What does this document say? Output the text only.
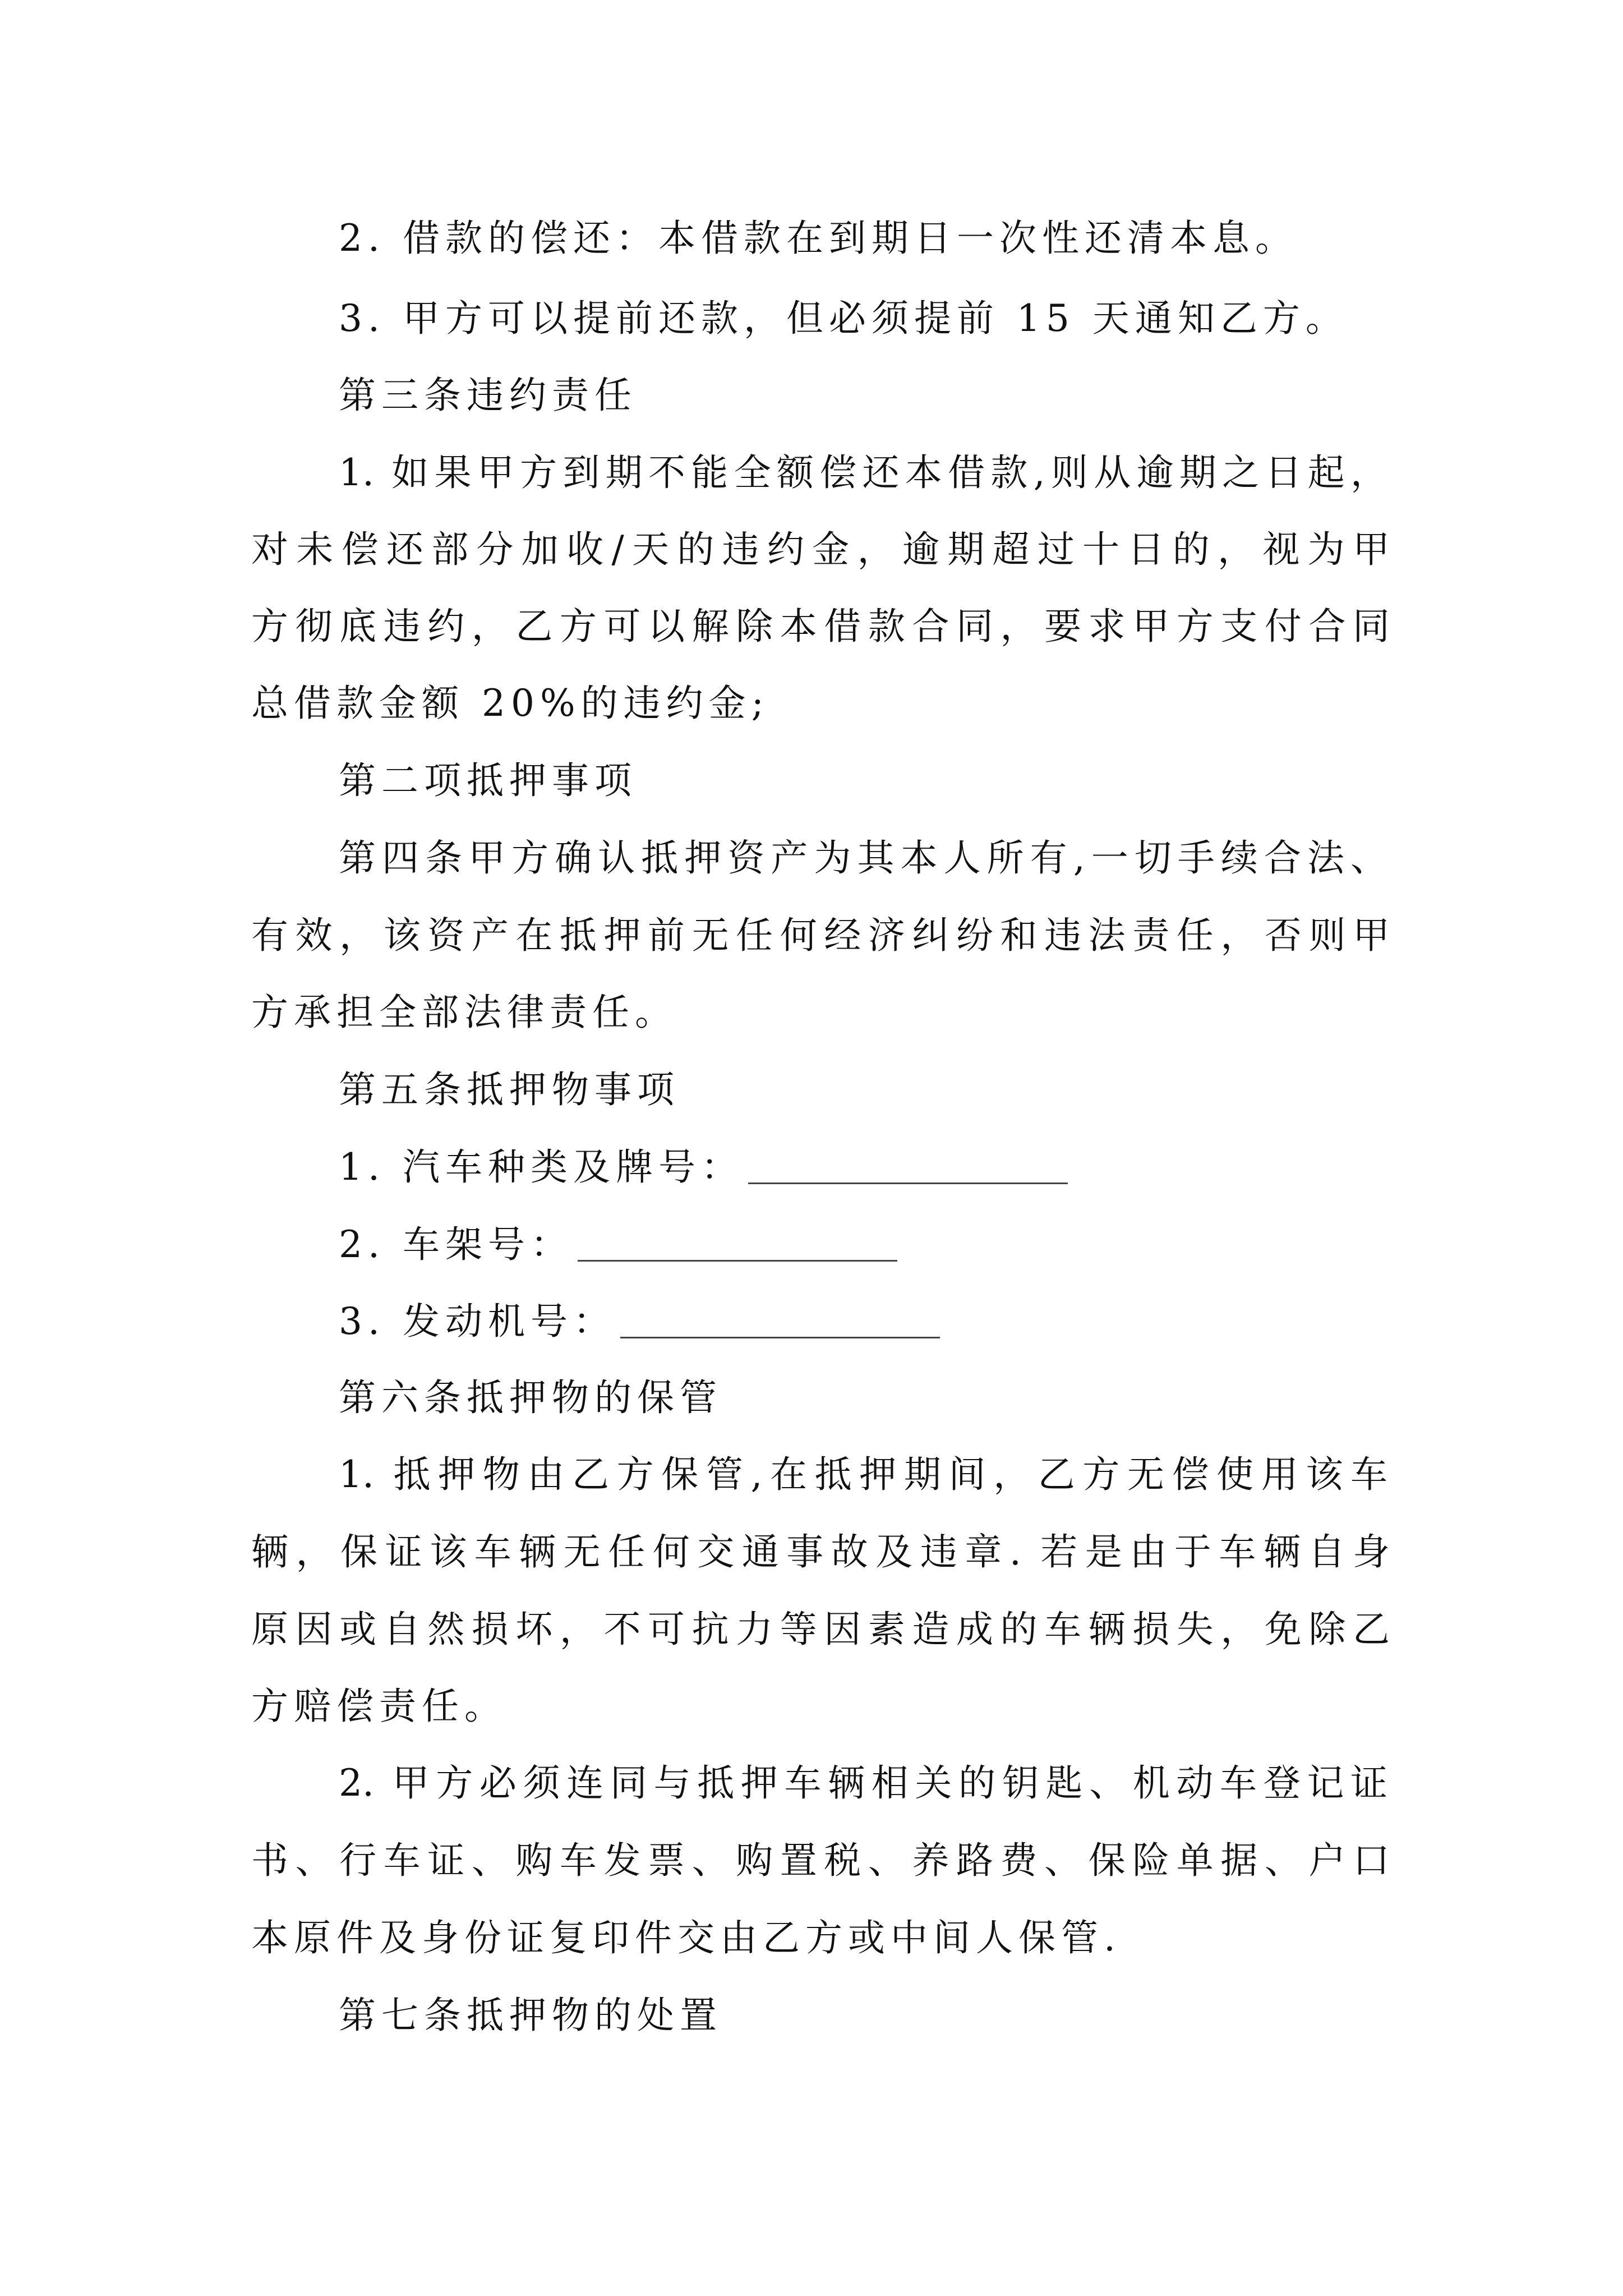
2. 借款的偿还：本借款在到期日一次性还清本息。
3. 甲方可以提前还款，但必须提前 15 天通知乙方。
第三条违约责任
1. 如果甲方到期不能全额偿还本借款,则从逾期之日起，
对未偿还部分加收/天的违约金，逾期超过十日的，视为甲
方彻底违约，乙方可以解除本借款合同，要求甲方支付合同
总借款金额 20%的违约金;
第二项抵押事项
第四条甲方确认抵押资产为其本人所有,一切手续合法、
有效，该资产在抵押前无任何经济纠纷和违法责任，否则甲
方承担全部法律责任。
第五条抵押物事项
1. 汽车种类及牌号：
2. 车架号：
3. 发动机号：
第六条抵押物的保管
1. 抵押物由乙方保管,在抵押期间，乙方无偿使用该车
辆，保证该车辆无任何交通事故及违章. 若是由于车辆自身
原因或自然损坏，不可抗力等因素造成的车辆损失，免除乙
方赔偿责任。
2. 甲方必须连同与抵押车辆相关的钥匙、机动车登记证
书、行车证、购车发票、购置税、养路费、保险单据、户口
本原件及身份证复印件交由乙方或中间人保管.
第七条抵押物的处置
